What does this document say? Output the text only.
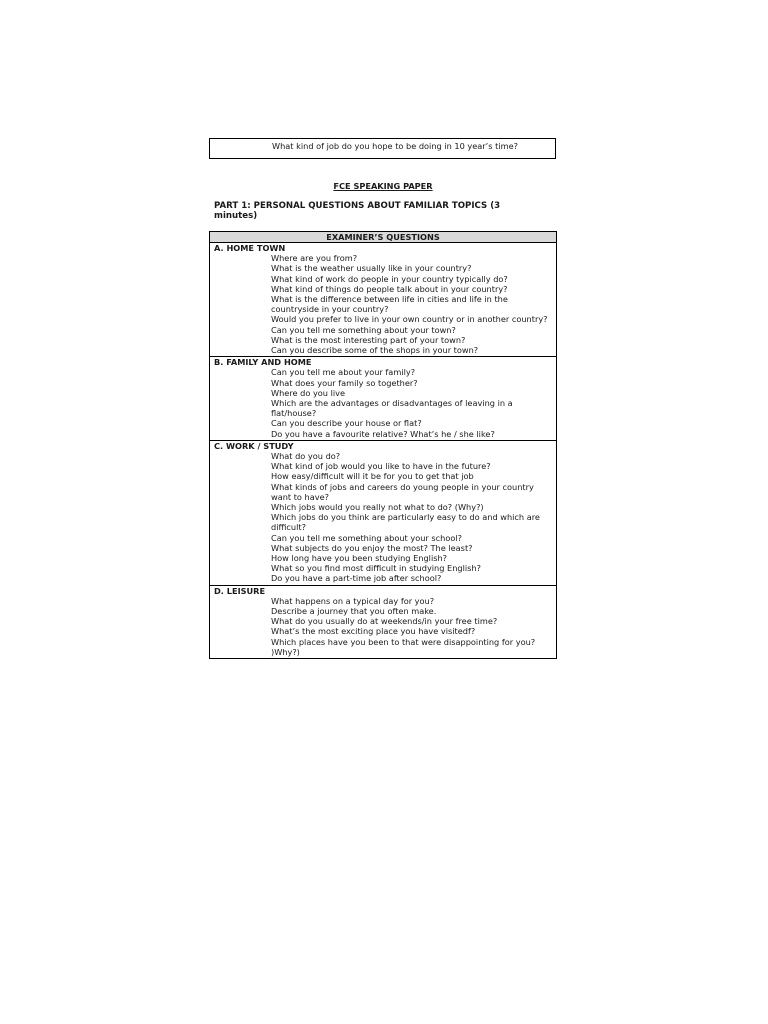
What kind of job do you hope to be doing in 10 year’s time?
FCE SPEAKING PAPER
PART 1: PERSONAL QUESTIONS ABOUT FAMILIAR TOPICS (3 minutes)
EXAMINER’S QUESTIONS
A. HOME TOWN
Where are you from?
What is the weather usually like in your country?
What kind of work do people in your country typically do?
What kind of things do people talk about in your country?
What is the difference between life in cities and life in the countryside in your country?
Would you prefer to live in your own country or in another country?
Can you tell me something about your town?
What is the most interesting part of your town?
Can you describe some of the shops in your town?
B. FAMILY AND HOME
Can you tell me about your family?
What does your family so together?
Where do you live
Which are the advantages or disadvantages of leaving in a flat/house?
Can you describe your house or flat?
Do you have a favourite relative? What’s he / she like?
C. WORK / STUDY
What do you do?
What kind of job would you like to have in the future?
How easy/difficult will it be for you to get that job
What kinds of jobs and careers do young people in your country want to have?
Which jobs would you really not what to do? (Why?)
Which jobs do you think are particularly easy to do and which are difficult?
Can you tell me something about your school?
What subjects do you enjoy the most? The least?
How long have you been studying English?
What so you find most difficult in studying English?
Do you have a part-time job after school?
D. LEISURE
What happens on a typical day for you?
Describe a journey that you often make.
What do you usually do at weekends/in your free time?
What’s the most exciting place you have visitedf?
Which places have you been to that were disappointing for you? )Why?)
